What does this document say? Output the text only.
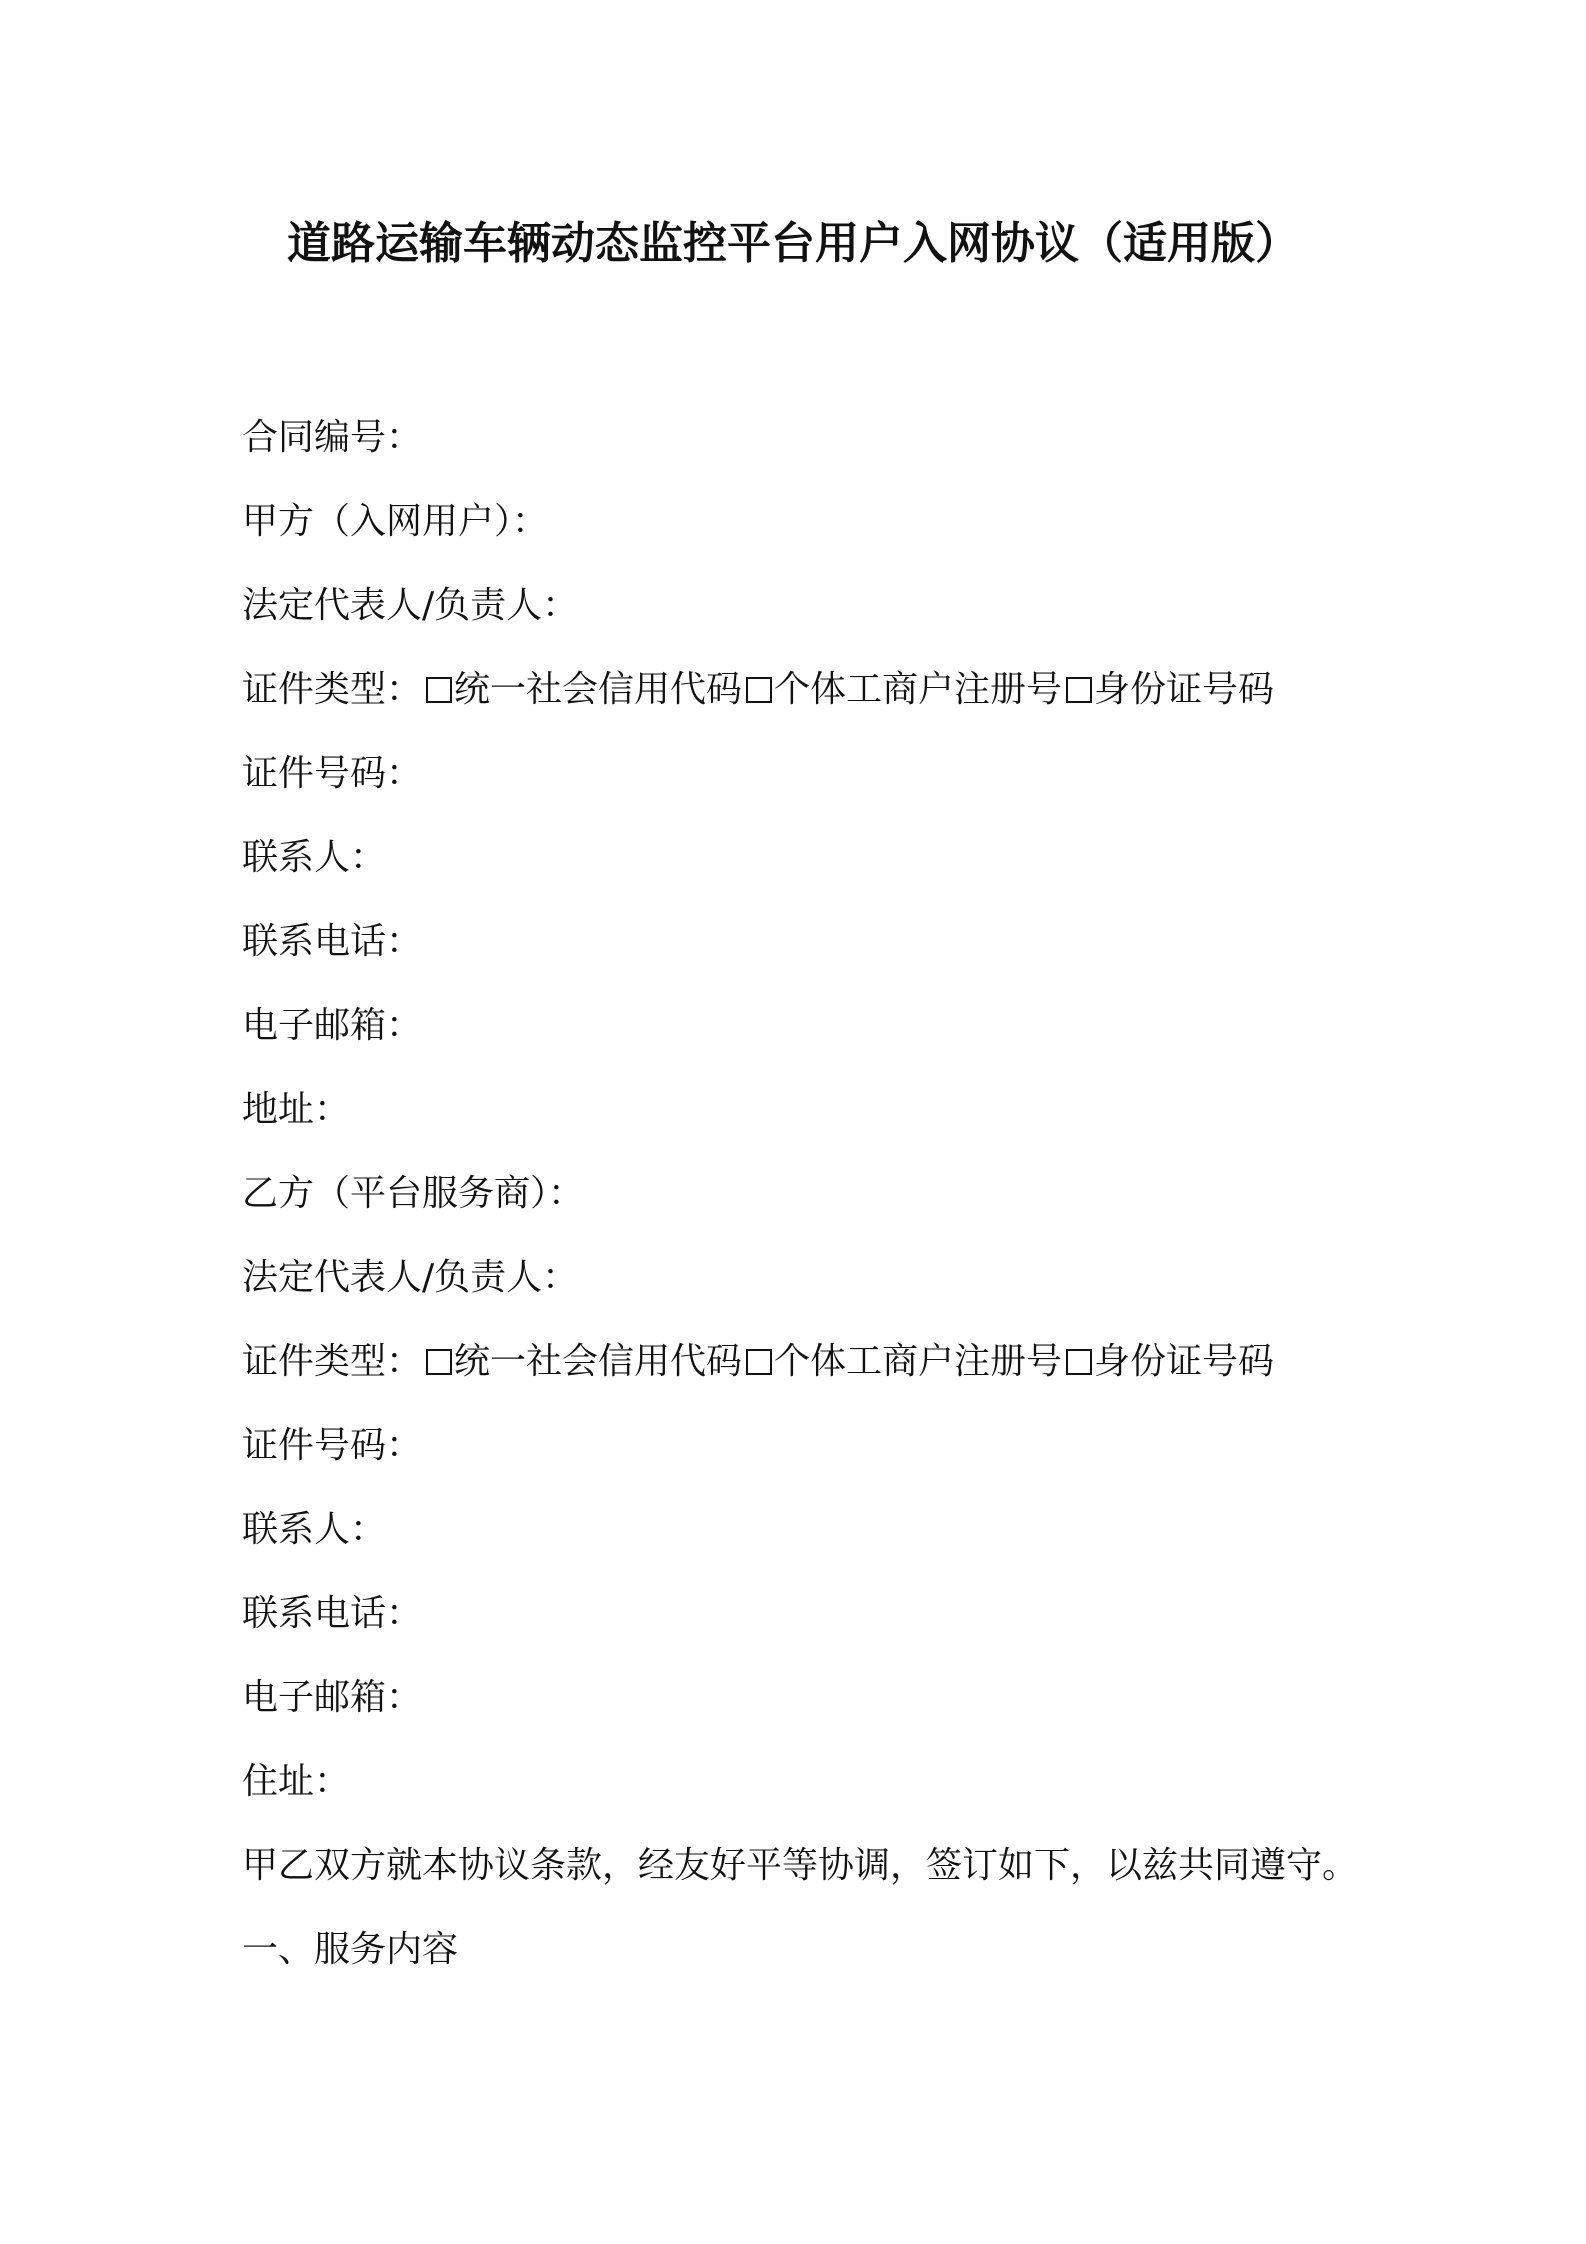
道路运输车辆动态监控平台用户入网协议（适用版）
合同编号：
甲方（入网用户）：
法定代表人/负责人：
证件类型： 统一社会信用代码 个体工商户注册号 身份证号码
证件号码：
联系人：
联系电话：
电子邮箱：
地址：
乙方（平台服务商）：
法定代表人/负责人：
证件类型： 统一社会信用代码 个体工商户注册号 身份证号码
证件号码：
联系人：
联系电话：
电子邮箱：
住址：
甲乙双方就本协议条款，经友好平等协调，签订如下，以兹共同遵守。
一、服务内容
